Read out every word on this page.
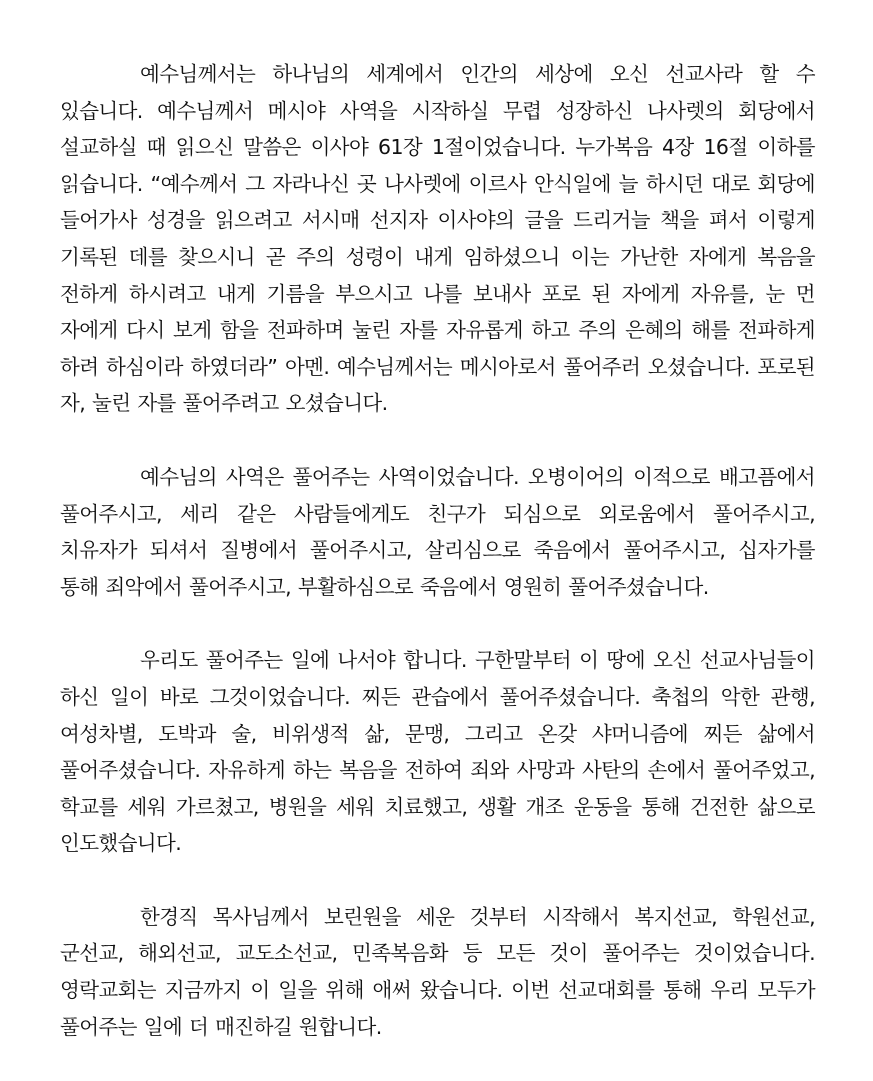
예수님께서는 하나님의 세계에서 인간의 세상에 오신 선교사라 할 수 있습니다. 예수님께서 메시야 사역을 시작하실 무렵 성장하신 나사렛의 회당에서 설교하실 때 읽으신 말씀은 이사야 61장 1절이었습니다. 누가복음 4장 16절 이하를 읽습니다. “예수께서 그 자라나신 곳 나사렛에 이르사 안식일에 늘 하시던 대로 회당에 들어가사 성경을 읽으려고 서시매 선지자 이사야의 글을 드리거늘 책을 펴서 이렇게 기록된 데를 찾으시니 곧 주의 성령이 내게 임하셨으니 이는 가난한 자에게 복음을 전하게 하시려고 내게 기름을 부으시고 나를 보내사 포로 된 자에게 자유를, 눈 먼 자에게 다시 보게 함을 전파하며 눌린 자를 자유롭게 하고 주의 은혜의 해를 전파하게 하려 하심이라 하였더라” 아멘. 예수님께서는 메시아로서 풀어주러 오셨습니다. 포로된 자, 눌린 자를 풀어주려고 오셨습니다.

예수님의 사역은 풀어주는 사역이었습니다. 오병이어의 이적으로 배고픔에서 풀어주시고, 세리 같은 사람들에게도 친구가 되심으로 외로움에서 풀어주시고, 치유자가 되셔서 질병에서 풀어주시고, 살리심으로 죽음에서 풀어주시고, 십자가를 통해 죄악에서 풀어주시고, 부활하심으로 죽음에서 영원히 풀어주셨습니다.

우리도 풀어주는 일에 나서야 합니다. 구한말부터 이 땅에 오신 선교사님들이 하신 일이 바로 그것이었습니다. 찌든 관습에서 풀어주셨습니다. 축첩의 악한 관행, 여성차별, 도박과 술, 비위생적 삶, 문맹, 그리고 온갖 샤머니즘에 찌든 삶에서 풀어주셨습니다. 자유하게 하는 복음을 전하여 죄와 사망과 사탄의 손에서 풀어주었고, 학교를 세워 가르쳤고, 병원을 세워 치료했고, 생활 개조 운동을 통해 건전한 삶으로 인도했습니다.

한경직 목사님께서 보린원을 세운 것부터 시작해서 복지선교, 학원선교, 군선교, 해외선교, 교도소선교, 민족복음화 등 모든 것이 풀어주는 것이었습니다. 영락교회는 지금까지 이 일을 위해 애써 왔습니다. 이번 선교대회를 통해 우리 모두가 풀어주는 일에 더 매진하길 원합니다.
